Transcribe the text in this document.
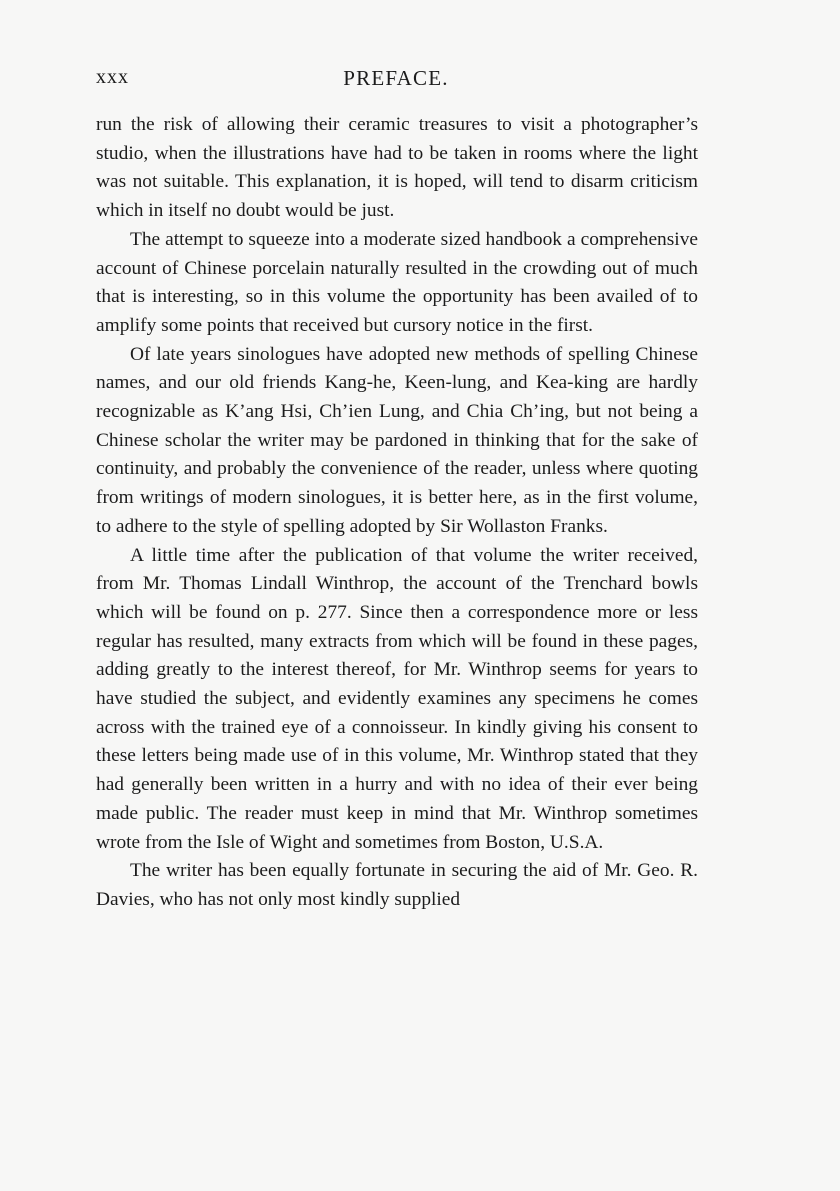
xxx	PREFACE.

run the risk of allowing their ceramic treasures to visit a photographer’s studio, when the illustrations have had to be taken in rooms where the light was not suitable. This explanation, it is hoped, will tend to disarm criticism which in itself no doubt would be just.

The attempt to squeeze into a moderate sized handbook a comprehensive account of Chinese porcelain naturally resulted in the crowding out of much that is interesting, so in this volume the opportunity has been availed of to amplify some points that received but cursory notice in the first.

Of late years sinologues have adopted new methods of spelling Chinese names, and our old friends Kang-he, Keen-lung, and Kea-king are hardly recognizable as K’ang Hsi, Ch’ien Lung, and Chia Ch’ing, but not being a Chinese scholar the writer may be pardoned in thinking that for the sake of continuity, and probably the convenience of the reader, unless where quoting from writings of modern sinologues, it is better here, as in the first volume, to adhere to the style of spelling adopted by Sir Wollaston Franks.

A little time after the publication of that volume the writer received, from Mr. Thomas Lindall Winthrop, the account of the Trenchard bowls which will be found on p. 277. Since then a correspondence more or less regular has resulted, many extracts from which will be found in these pages, adding greatly to the interest thereof, for Mr. Winthrop seems for years to have studied the subject, and evidently examines any specimens he comes across with the trained eye of a connoisseur. In kindly giving his consent to these letters being made use of in this volume, Mr. Winthrop stated that they had generally been written in a hurry and with no idea of their ever being made public. The reader must keep in mind that Mr. Winthrop sometimes wrote from the Isle of Wight and sometimes from Boston, U.S.A.

The writer has been equally fortunate in securing the aid of Mr. Geo. R. Davies, who has not only most kindly supplied
